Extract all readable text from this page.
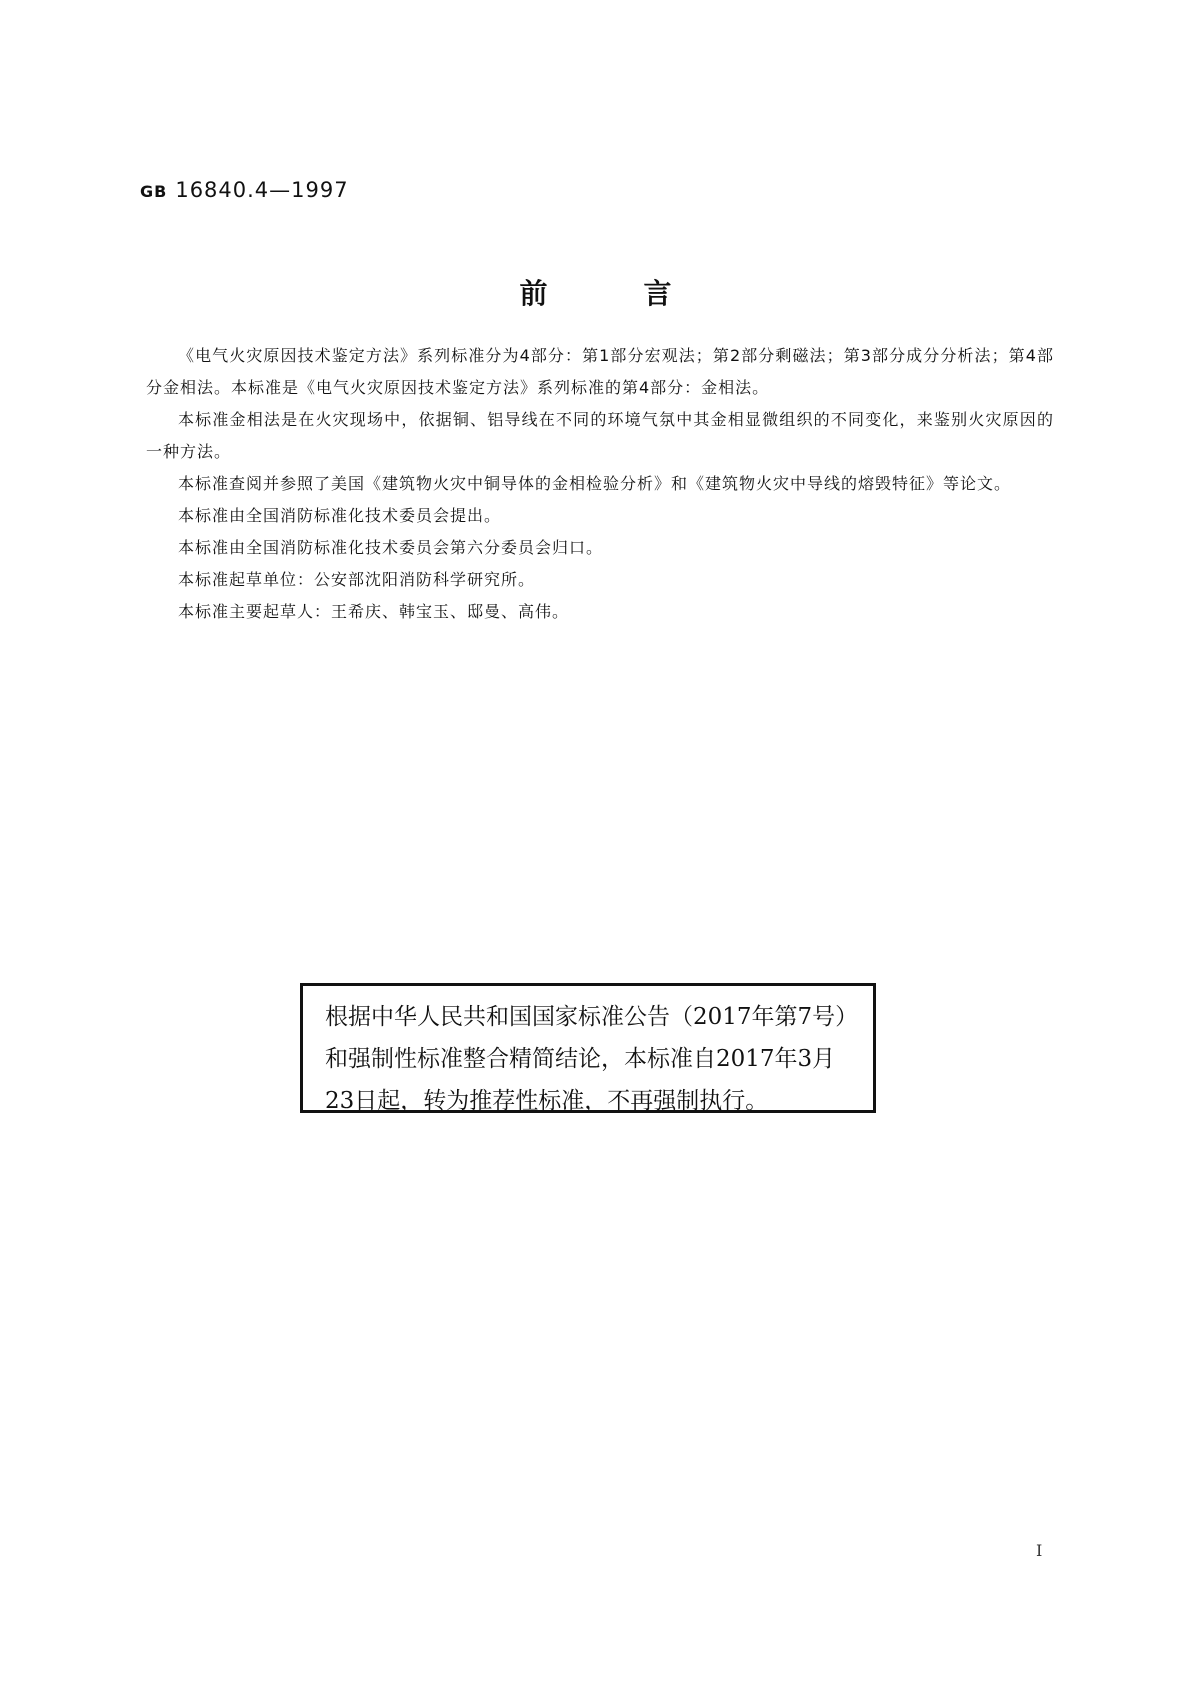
GB 16840.4—1997
前言

《电气火灾原因技术鉴定方法》系列标准分为4部分：第1部分宏观法；第2部分剩磁法；第3部分成分分析法；第4部分金相法。本标准是《电气火灾原因技术鉴定方法》系列标准的第4部分：金相法。

本标准金相法是在火灾现场中，依据铜、铝导线在不同的环境气氛中其金相显微组织的不同变化，来鉴别火灾原因的一种方法。

本标准查阅并参照了美国《建筑物火灾中铜导体的金相检验分析》和《建筑物火灾中导线的熔毁特征》等论文。

本标准由全国消防标准化技术委员会提出。

本标准由全国消防标准化技术委员会第六分委员会归口。

本标准起草单位：公安部沈阳消防科学研究所。

本标准主要起草人：王希庆、韩宝玉、邸曼、高伟。

根据中华人民共和国国家标准公告（2017年第7号）和强制性标准整合精简结论，本标准自2017年3月23日起，转为推荐性标准，不再强制执行。
I
